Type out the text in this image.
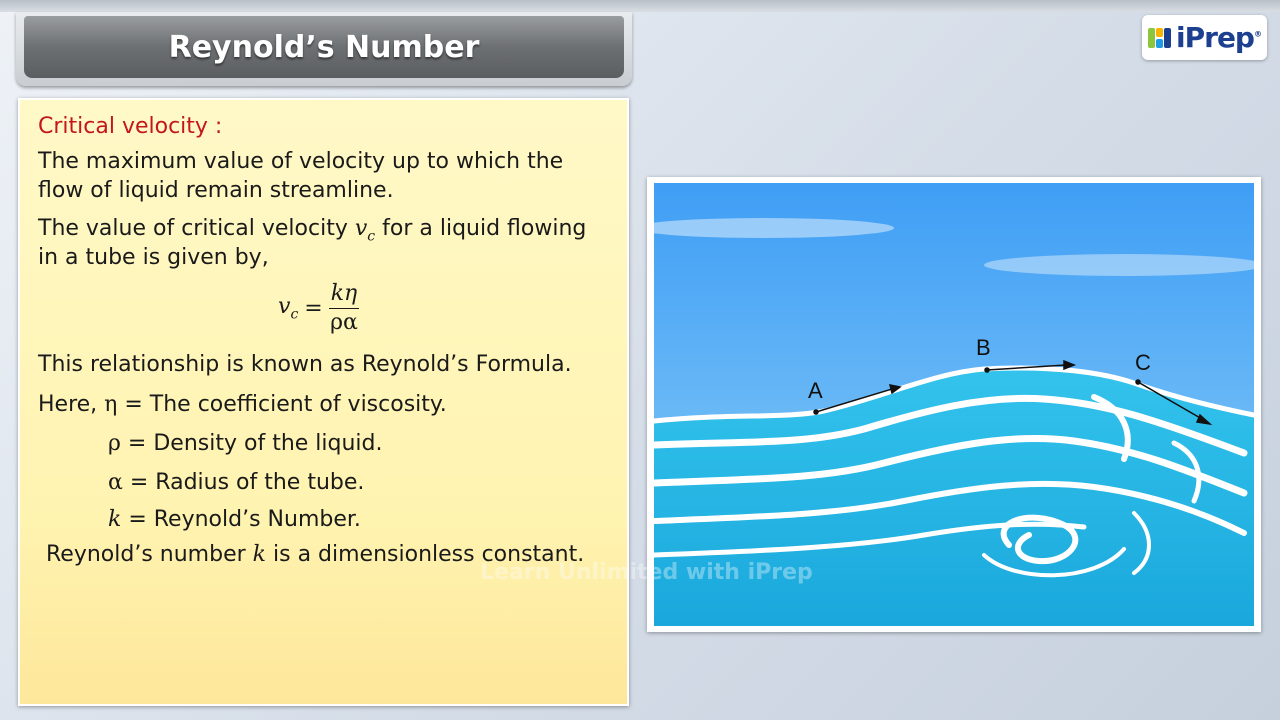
Reynold’s Number	iPrep®
Critical velocity :
The maximum value of velocity up to which the
flow of liquid remain streamline.
The value of critical velocity $v_c$ for a liquid flowing
in a tube is given by,
$v_c = \frac{k\eta}{\rho\alpha}$
This relationship is known as Reynold’s Formula.
Here, η = The coefficient of viscosity.
ρ = Density of the liquid.
α = Radius of the tube.
k = Reynold’s Number.
Reynold’s number k is a dimensionless constant.
A
B
C
Learn Unlimited with iPrep
